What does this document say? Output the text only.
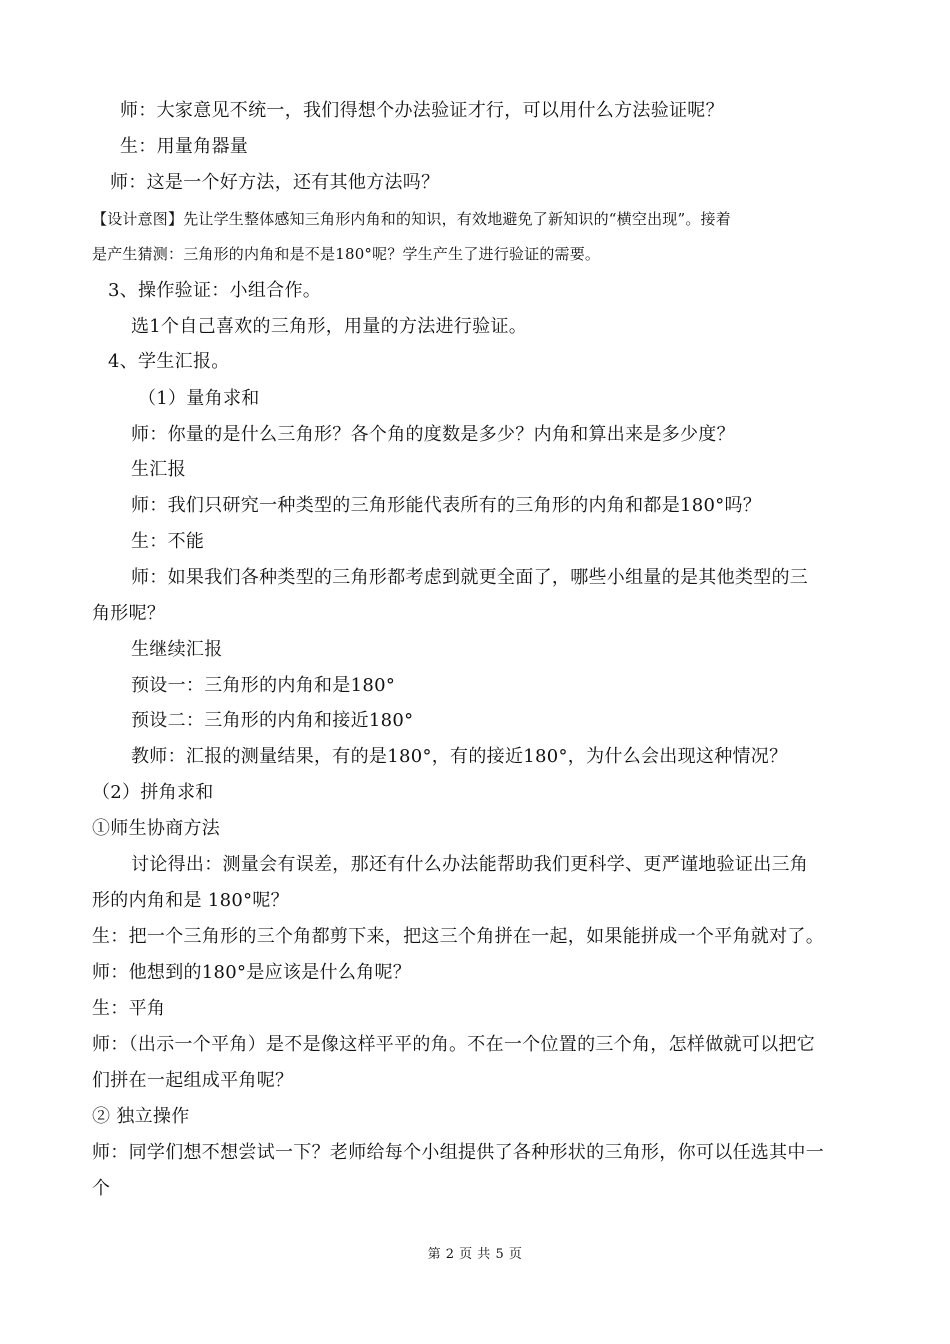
师：大家意见不统一，我们得想个办法验证才行，可以用什么方法验证呢？
生：用量角器量
师：这是一个好方法，还有其他方法吗？
【设计意图】先让学生整体感知三角形内角和的知识，有效地避免了新知识的“横空出现”。接着
是产生猜测：三角形的内角和是不是180°呢？学生产生了进行验证的需要。
3、操作验证：小组合作。
选1个自己喜欢的三角形，用量的方法进行验证。
4、学生汇报。
（1）量角求和
师：你量的是什么三角形？各个角的度数是多少？内角和算出来是多少度？
生汇报
师：我们只研究一种类型的三角形能代表所有的三角形的内角和都是180°吗？
生：不能
师：如果我们各种类型的三角形都考虑到就更全面了，哪些小组量的是其他类型的三
角形呢？
生继续汇报
预设一：三角形的内角和是180°
预设二：三角形的内角和接近180°
教师：汇报的测量结果，有的是180°，有的接近180°，为什么会出现这种情况？
（2）拼角求和
①师生协商方法
讨论得出：测量会有误差，那还有什么办法能帮助我们更科学、更严谨地验证出三角
形的内角和是 180°呢？
生：把一个三角形的三个角都剪下来，把这三个角拼在一起，如果能拼成一个平角就对了。
师：他想到的180°是应该是什么角呢？
生：平角
师：（出示一个平角）是不是像这样平平的角。不在一个位置的三个角，怎样做就可以把它
们拼在一起组成平角呢？
② 独立操作
师：同学们想不想尝试一下？老师给每个小组提供了各种形状的三角形，你可以任选其中一
个
第 2 页 共 5 页
